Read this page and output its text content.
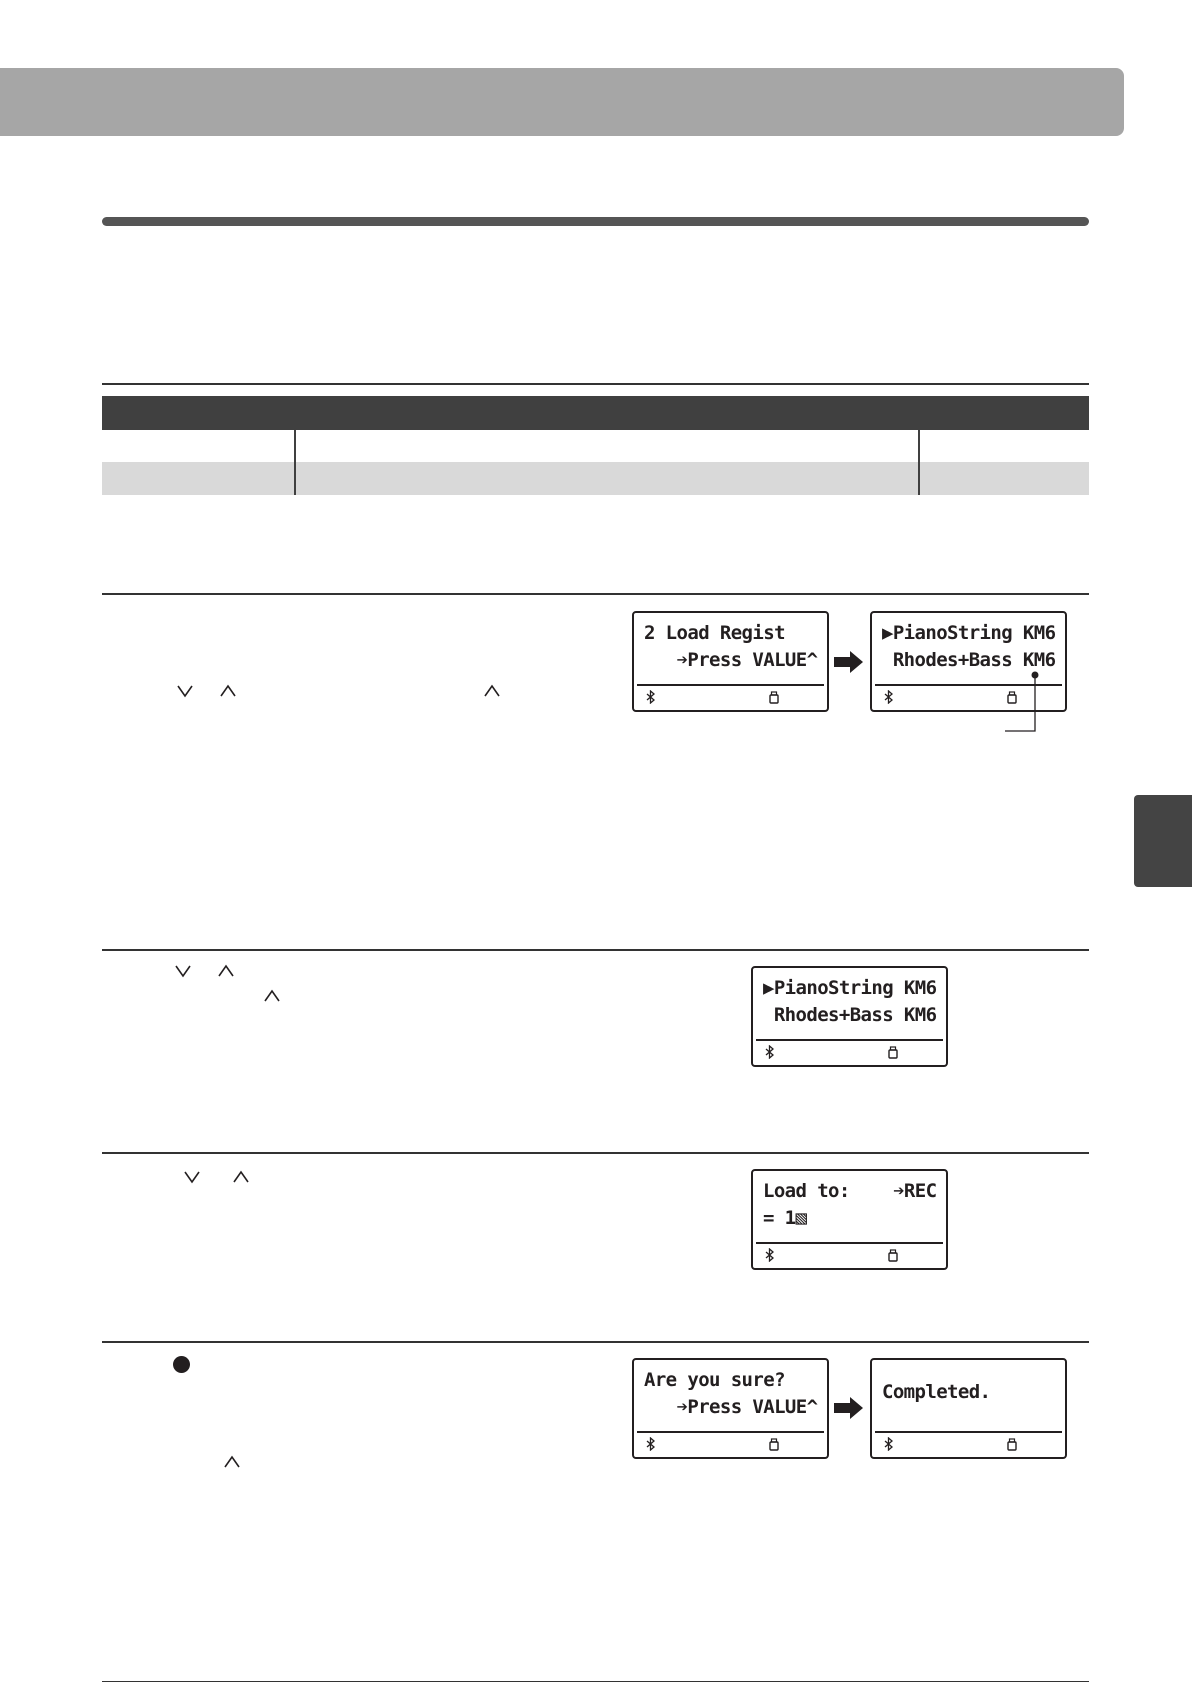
2 Load Regist
➔Press VALUE^
▶PianoString KM6
Rhodes+Bass KM6
▶PianoString KM6
Rhodes+Bass KM6
Load to:    ➔REC
= 1▧
Are you sure?
➔Press VALUE^
Completed.
